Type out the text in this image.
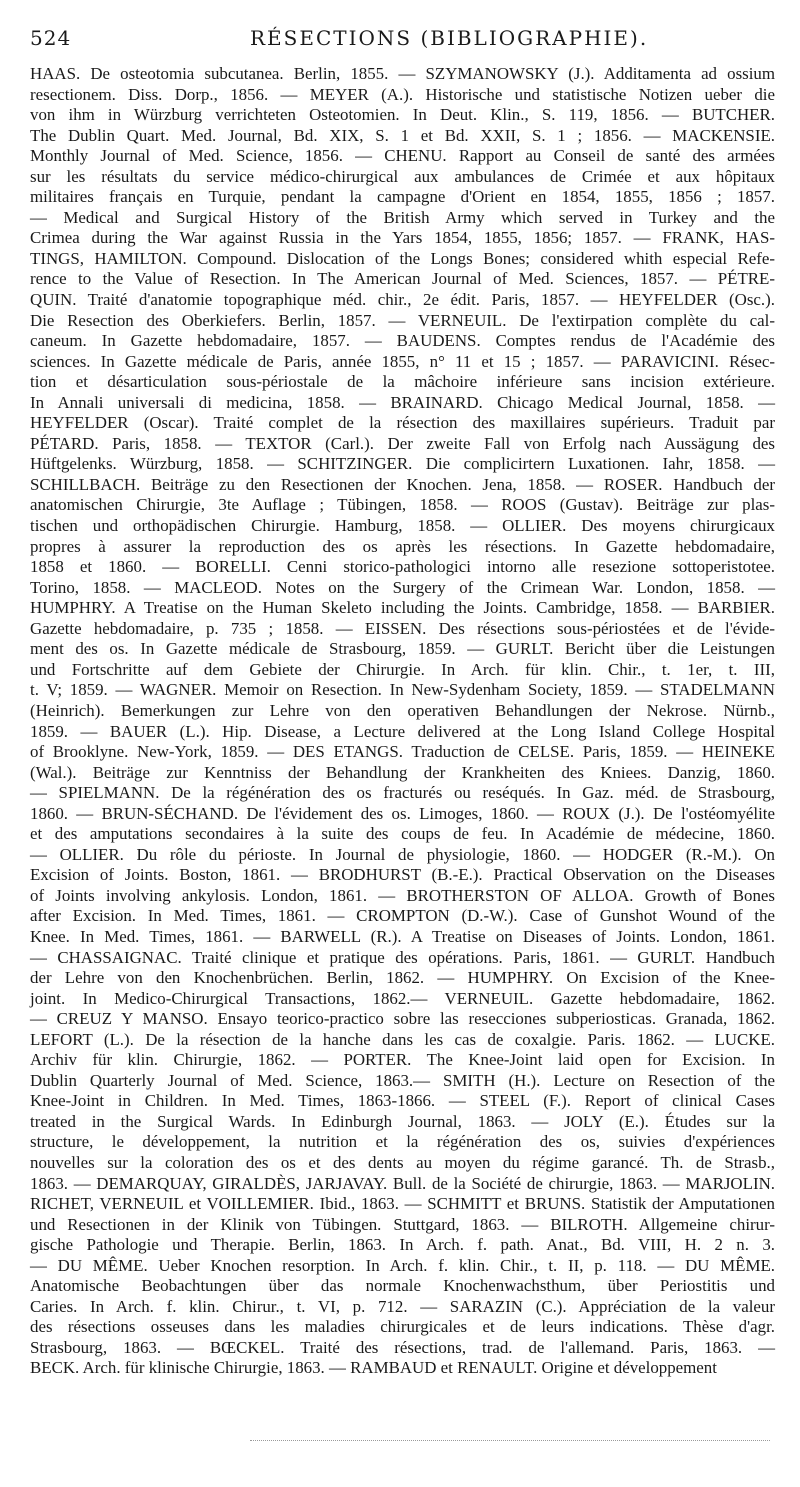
524	RÉSECTIONS (BIBLIOGRAPHIE).
HAAS. De osteotomia subcutanea. Berlin, 1855. — SZYMANOWSKY (J.). Additamenta ad ossium
resectionem. Diss. Dorp., 1856. — MEYER (A.). Historische und statistische Notizen ueber die
von ihm in Würzburg verrichteten Osteotomien. In Deut. Klin., S. 119, 1856. — BUTCHER.
The Dublin Quart. Med. Journal, Bd. XIX, S. 1 et Bd. XXII, S. 1 ; 1856. — MACKENSIE.
Monthly Journal of Med. Science, 1856. — CHENU. Rapport au Conseil de santé des armées
sur les résultats du service médico-chirurgical aux ambulances de Crimée et aux hôpitaux
militaires français en Turquie, pendant la campagne d'Orient en 1854, 1855, 1856 ; 1857.
— Medical and Surgical History of the British Army which served in Turkey and the
Crimea during the War against Russia in the Yars 1854, 1855, 1856; 1857. — FRANK, HAS-
TINGS, HAMILTON. Compound. Dislocation of the Longs Bones; considered whith especial Refe-
rence to the Value of Resection. In The American Journal of Med. Sciences, 1857. — PÉTRE-
QUIN. Traité d'anatomie topographique méd. chir., 2e édit. Paris, 1857. — HEYFELDER (Osc.).
Die Resection des Oberkiefers. Berlin, 1857. — VERNEUIL. De l'extirpation complète du cal-
caneum. In Gazette hebdomadaire, 1857. — BAUDENS. Comptes rendus de l'Académie des
sciences. In Gazette médicale de Paris, année 1855, n° 11 et 15 ; 1857. — PARAVICINI. Résec-
tion et désarticulation sous-périostale de la mâchoire inférieure sans incision extérieure.
In Annali universali di medicina, 1858. — BRAINARD. Chicago Medical Journal, 1858. —
HEYFELDER (Oscar). Traité complet de la résection des maxillaires supérieurs. Traduit par
PÉTARD. Paris, 1858. — TEXTOR (Carl.). Der zweite Fall von Erfolg nach Aussägung des
Hüftgelenks. Würzburg, 1858. — SCHITZINGER. Die complicirtern Luxationen. Iahr, 1858. —
SCHILLBACH. Beiträge zu den Resectionen der Knochen. Jena, 1858. — ROSER. Handbuch der
anatomischen Chirurgie, 3te Auflage ; Tübingen, 1858. — ROOS (Gustav). Beiträge zur plas-
tischen und orthopädischen Chirurgie. Hamburg, 1858. — OLLIER. Des moyens chirurgicaux
propres à assurer la reproduction des os après les résections. In Gazette hebdomadaire,
1858 et 1860. — BORELLI. Cenni storico-pathologici intorno alle resezione sottoperistotee.
Torino, 1858. — MACLEOD. Notes on the Surgery of the Crimean War. London, 1858. —
HUMPHRY. A Treatise on the Human Skeleto including the Joints. Cambridge, 1858. — BARBIER.
Gazette hebdomadaire, p. 735 ; 1858. — EISSEN. Des résections sous-périostées et de l'évide-
ment des os. In Gazette médicale de Strasbourg, 1859. — GURLT. Bericht über die Leistungen
und Fortschritte auf dem Gebiete der Chirurgie. In Arch. für klin. Chir., t. 1er, t. III,
t. V; 1859. — WAGNER. Memoir on Resection. In New-Sydenham Society, 1859. — STADELMANN
(Heinrich). Bemerkungen zur Lehre von den operativen Behandlungen der Nekrose. Nürnb.,
1859. — BAUER (L.). Hip. Disease, a Lecture delivered at the Long Island College Hospital
of Brooklyne. New-York, 1859. — DES ETANGS. Traduction de CELSE. Paris, 1859. — HEINEKE
(Wal.). Beiträge zur Kenntniss der Behandlung der Krankheiten des Kniees. Danzig, 1860.
— SPIELMANN. De la régénération des os fracturés ou reséqués. In Gaz. méd. de Strasbourg,
1860. — BRUN-SÉCHAND. De l'évidement des os. Limoges, 1860. — ROUX (J.). De l'ostéomyélite
et des amputations secondaires à la suite des coups de feu. In Académie de médecine, 1860.
— OLLIER. Du rôle du périoste. In Journal de physiologie, 1860. — HODGER (R.-M.). On
Excision of Joints. Boston, 1861. — BRODHURST (B.-E.). Practical Observation on the Diseases
of Joints involving ankylosis. London, 1861. — BROTHERSTON OF ALLOA. Growth of Bones
after Excision. In Med. Times, 1861. — CROMPTON (D.-W.). Case of Gunshot Wound of the
Knee. In Med. Times, 1861. — BARWELL (R.). A Treatise on Diseases of Joints. London, 1861.
— CHASSAIGNAC. Traité clinique et pratique des opérations. Paris, 1861. — GURLT. Handbuch
der Lehre von den Knochenbrüchen. Berlin, 1862. — HUMPHRY. On Excision of the Knee-
joint. In Medico-Chirurgical Transactions, 1862.— VERNEUIL. Gazette hebdomadaire, 1862.
— CREUZ Y MANSO. Ensayo teorico-practico sobre las resecciones subperiosticas. Granada, 1862.
LEFORT (L.). De la résection de la hanche dans les cas de coxalgie. Paris. 1862. — LUCKE.
Archiv für klin. Chirurgie, 1862. — PORTER. The Knee-Joint laid open for Excision. In
Dublin Quarterly Journal of Med. Science, 1863.— SMITH (H.). Lecture on Resection of the
Knee-Joint in Children. In Med. Times, 1863-1866. — STEEL (F.). Report of clinical Cases
treated in the Surgical Wards. In Edinburgh Journal, 1863. — JOLY (E.). Études sur la
structure, le développement, la nutrition et la régénération des os, suivies d'expériences
nouvelles sur la coloration des os et des dents au moyen du régime garancé. Th. de Strasb.,
1863. — DEMARQUAY, GIRALDÈS, JARJAVAY. Bull. de la Société de chirurgie, 1863. — MARJOLIN.
RICHET, VERNEUIL et VOILLEMIER. Ibid., 1863. — SCHMITT et BRUNS. Statistik der Amputationen
und Resectionen in der Klinik von Tübingen. Stuttgard, 1863. — BILROTH. Allgemeine chirur-
gische Pathologie und Therapie. Berlin, 1863. In Arch. f. path. Anat., Bd. VIII, H. 2 n. 3.
— DU MÊME. Ueber Knochen resorption. In Arch. f. klin. Chir., t. II, p. 118. — DU MÊME.
Anatomische Beobachtungen über das normale Knochenwachsthum, über Periostitis und
Caries. In Arch. f. klin. Chirur., t. VI, p. 712. — SARAZIN (C.). Appréciation de la valeur
des résections osseuses dans les maladies chirurgicales et de leurs indications. Thèse d'agr.
Strasbourg, 1863. — BŒCKEL. Traité des résections, trad. de l'allemand. Paris, 1863. —
BECK. Arch. für klinische Chirurgie, 1863. — RAMBAUD et RENAULT. Origine et développement
